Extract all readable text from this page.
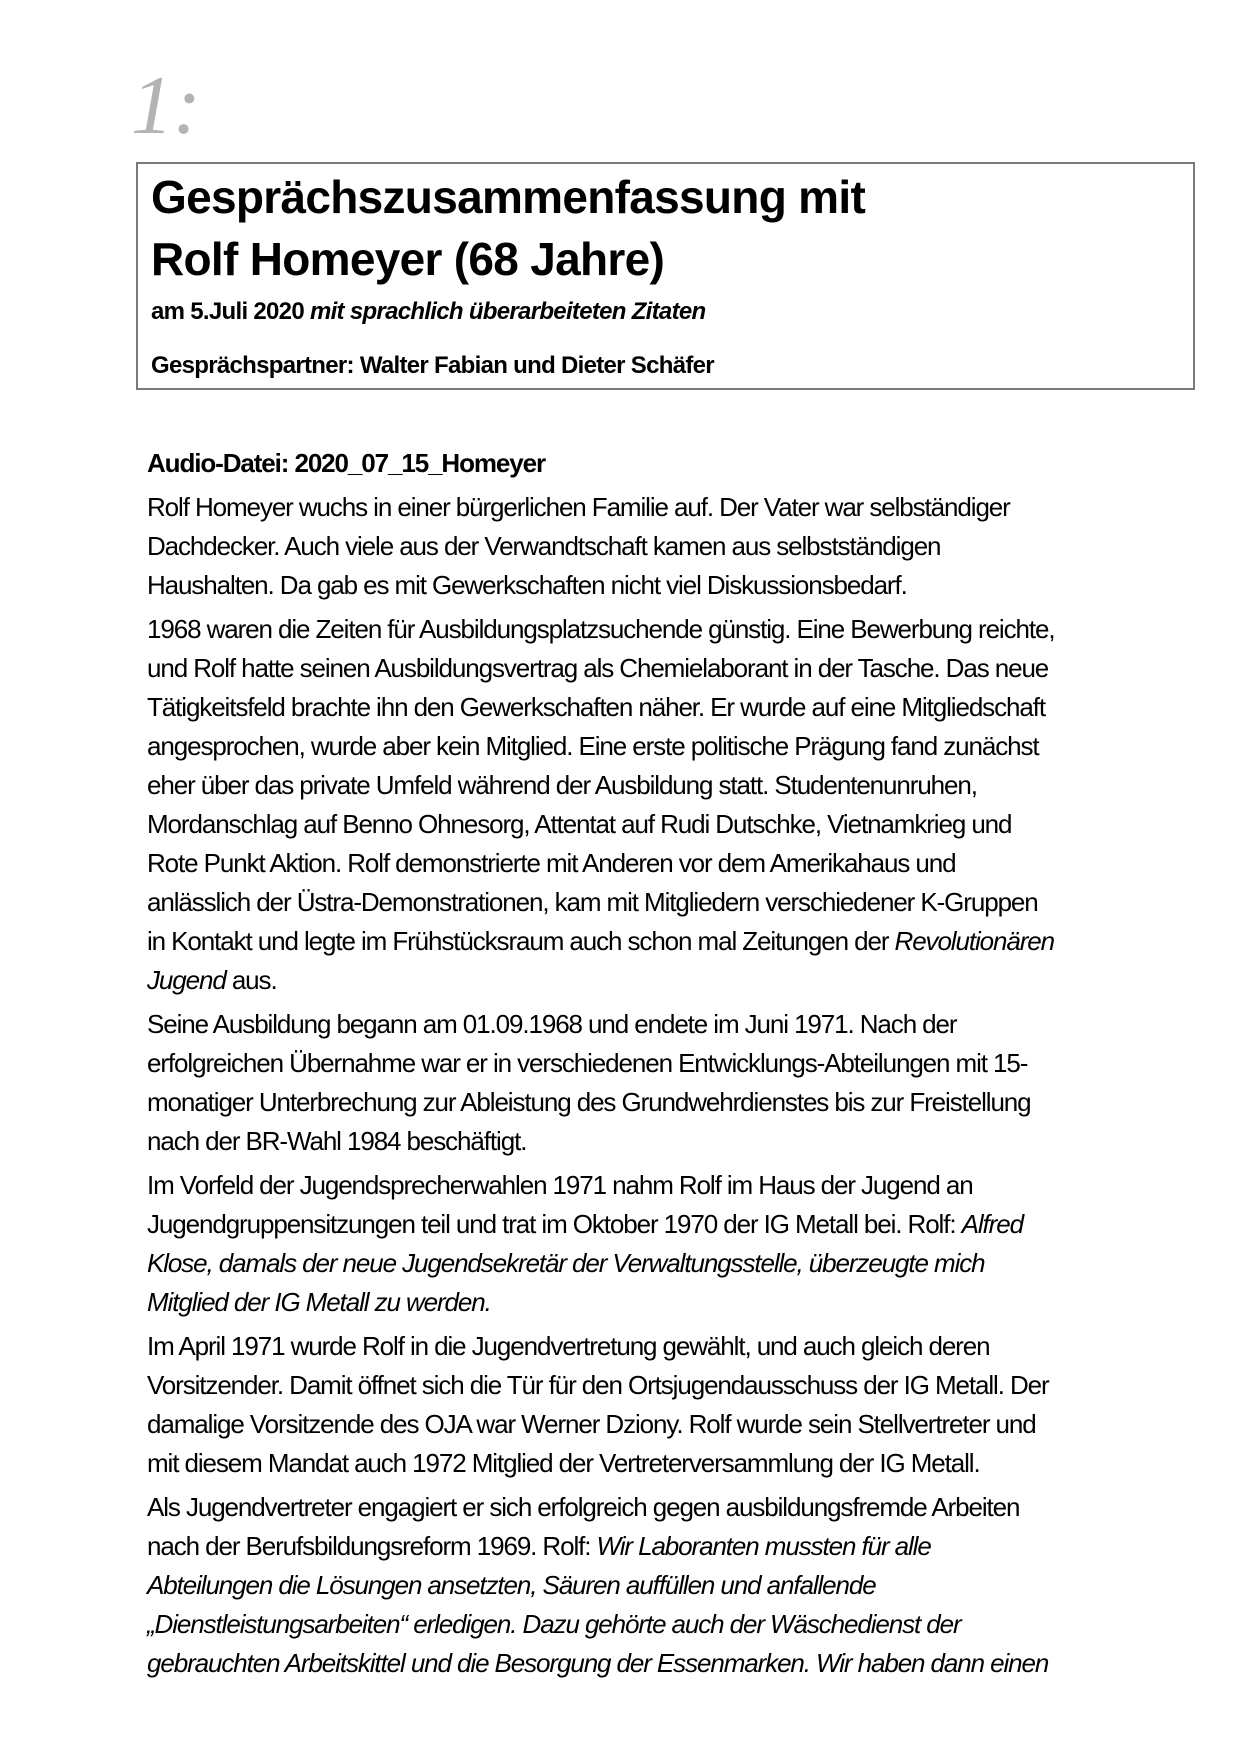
1:
Gesprächszusammenfassung mit
Rolf Homeyer (68 Jahre)
am 5.Juli 2020 mit sprachlich überarbeiteten Zitaten
Gesprächspartner: Walter Fabian und Dieter Schäfer
Audio-Datei: 2020_07_15_Homeyer
Rolf Homeyer wuchs in einer bürgerlichen Familie auf. Der Vater war selbständiger
Dachdecker. Auch viele aus der Verwandtschaft kamen aus selbstständigen
Haushalten. Da gab es mit Gewerkschaften nicht viel Diskussionsbedarf.
1968 waren die Zeiten für Ausbildungsplatzsuchende günstig. Eine Bewerbung reichte,
und Rolf hatte seinen Ausbildungsvertrag als Chemielaborant in der Tasche. Das neue
Tätigkeitsfeld brachte ihn den Gewerkschaften näher. Er wurde auf eine Mitgliedschaft
angesprochen, wurde aber kein Mitglied. Eine erste politische Prägung fand zunächst
eher über das private Umfeld während der Ausbildung statt. Studentenunruhen,
Mordanschlag auf Benno Ohnesorg, Attentat auf Rudi Dutschke, Vietnamkrieg und
Rote Punkt Aktion. Rolf demonstrierte mit Anderen vor dem Amerikahaus und
anlässlich der Üstra-Demonstrationen, kam mit Mitgliedern verschiedener K-Gruppen
in Kontakt und legte im Frühstücksraum auch schon mal Zeitungen der Revolutionären
Jugend aus.
Seine Ausbildung begann am 01.09.1968 und endete im Juni 1971. Nach der
erfolgreichen Übernahme war er in verschiedenen Entwicklungs-Abteilungen mit 15-
monatiger Unterbrechung zur Ableistung des Grundwehrdienstes bis zur Freistellung
nach der BR-Wahl 1984 beschäftigt.
Im Vorfeld der Jugendsprecherwahlen 1971 nahm Rolf im Haus der Jugend an
Jugendgruppensitzungen teil und trat im Oktober 1970 der IG Metall bei. Rolf: Alfred
Klose, damals der neue Jugendsekretär der Verwaltungsstelle, überzeugte mich
Mitglied der IG Metall zu werden.
Im April 1971 wurde Rolf in die Jugendvertretung gewählt, und auch gleich deren
Vorsitzender. Damit öffnet sich die Tür für den Ortsjugendausschuss der IG Metall. Der
damalige Vorsitzende des OJA war Werner Dziony. Rolf wurde sein Stellvertreter und
mit diesem Mandat auch 1972 Mitglied der Vertreterversammlung der IG Metall.
Als Jugendvertreter engagiert er sich erfolgreich gegen ausbildungsfremde Arbeiten
nach der Berufsbildungsreform 1969. Rolf: Wir Laboranten mussten für alle
Abteilungen die Lösungen ansetzten, Säuren auffüllen und anfallende
„Dienstleistungsarbeiten“ erledigen. Dazu gehörte auch der Wäschedienst der
gebrauchten Arbeitskittel und die Besorgung der Essenmarken. Wir haben dann einen
